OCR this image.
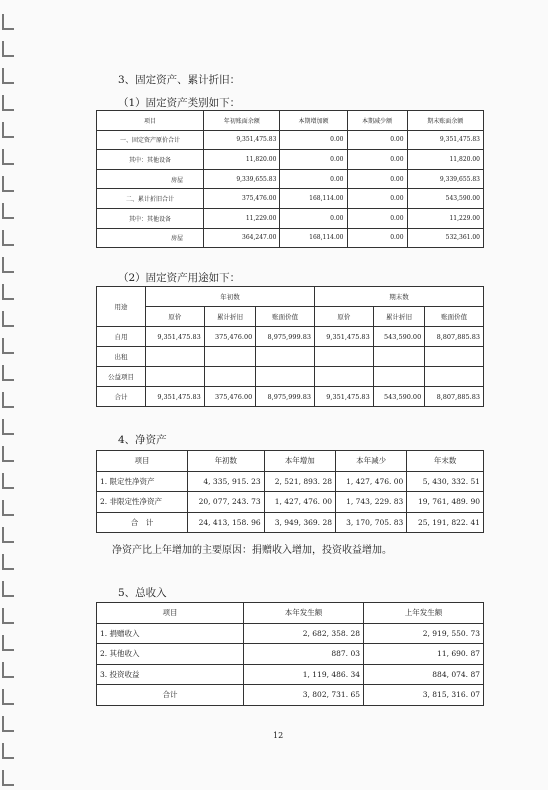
3、固定资产、累计折旧：
（1）固定资产类别如下：
项目	年初账面余额	本期增加额	本期减少额	期末账面余额
一、固定资产原价合计	9,351,475.83	0.00	0.00	9,351,475.83
其中：其他设备	11,820.00	0.00	0.00	11,820.00
房屋	9,339,655.83	0.00	0.00	9,339,655.83
二、累计折旧合计	375,476.00	168,114.00	0.00	543,590.00
其中：其他设备	11,229.00	0.00	0.00	11,229.00
房屋	364,247.00	168,114.00	0.00	532,361.00
（2）固定资产用途如下：
用途	年初数			期末数		
	原价	累计折旧	账面价值	原价	累计折旧	账面价值
自用	9,351,475.83	375,476.00	8,975,999.83	9,351,475.83	543,590.00	8,807,885.83
出租						
公益项目						
合计	9,351,475.83	375,476.00	8,975,999.83	9,351,475.83	543,590.00	8,807,885.83
4、净资产
项目	年初数	本年增加	本年减少	年末数
1. 限定性净资产	4, 335, 915. 23	2, 521, 893. 28	1, 427, 476. 00	5, 430, 332. 51
2. 非限定性净资产	20, 077, 243. 73	1, 427, 476. 00	1, 743, 229. 83	19, 761, 489. 90
合　计	24, 413, 158. 96	3, 949, 369. 28	3, 170, 705. 83	25, 191, 822. 41
净资产比上年增加的主要原因：捐赠收入增加，投资收益增加。
5、总收入
项目	本年发生额	上年发生额
1. 捐赠收入	2, 682, 358. 28	2, 919, 550. 73
2. 其他收入	887. 03	11, 690. 87
3. 投资收益	1, 119, 486. 34	884, 074. 87
合计	3, 802, 731. 65	3, 815, 316. 07
12
